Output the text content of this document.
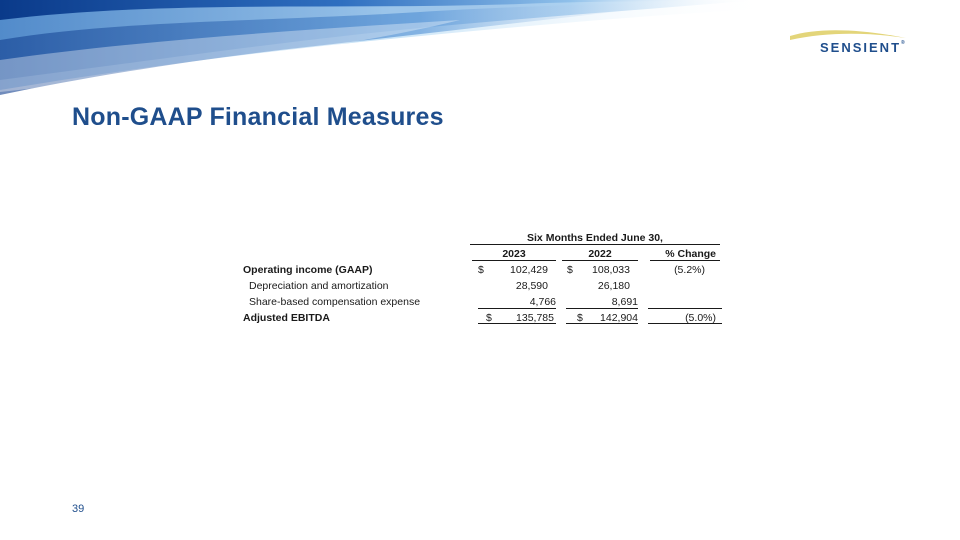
SENSIENT®
Non-GAAP Financial Measures
Six Months Ended June 30,
2023	2022	% Change
Operating income (GAAP)	$	102,429 $	108,033	(5.2%)
Depreciation and amortization	28,590	26,180
Share-based compensation expense	4,766	8,691
Adjusted EBITDA	$	135,785 $	142,904	(5.0%)
39
